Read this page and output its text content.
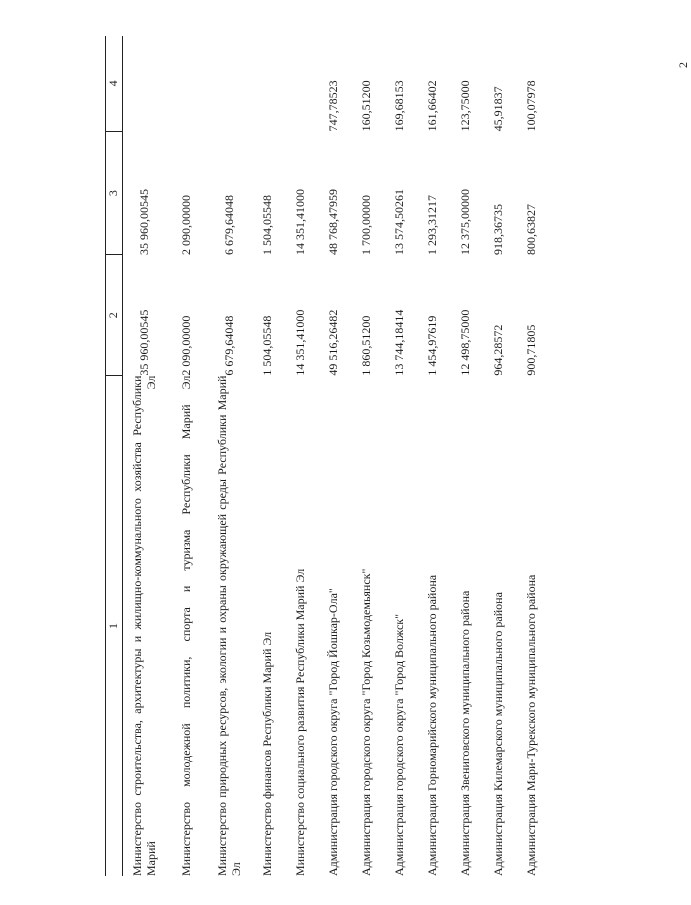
2
1	2	3	4
Министерство строительства, архитектуры и жилищно-коммунального хозяйства Республики Марий Эл	35 960,00545	35 960,00545	
Министерство молодежной политики, спорта и туризма Республики Марий Эл	2 090,00000	2 090,00000	
Министерство природных ресурсов, экологии и охраны окружающей среды Республики Марий Эл	6 679,64048	6 679,64048	
Министерство финансов Республики Марий Эл	1 504,05548	1 504,05548	
Министерство социального развития Республики Марий Эл	14 351,41000	14 351,41000	
Администрация городского округа "Город Йошкар-Ола"	49 516,26482	48 768,47959	747,78523
Администрация городского округа "Город Козьмодемьянск"	1 860,51200	1 700,00000	160,51200
Администрация городского округа "Город Волжск"	13 744,18414	13 574,50261	169,68153
Администрация Горномарийского муниципального района	1 454,97619	1 293,31217	161,66402
Администрация Звениговского муниципального района	12 498,75000	12 375,00000	123,75000
Администрация Килемарского муниципального района	964,28572	918,36735	45,91837
Администрация Мари-Турекского муниципального района	900,71805	800,63827	100,07978
